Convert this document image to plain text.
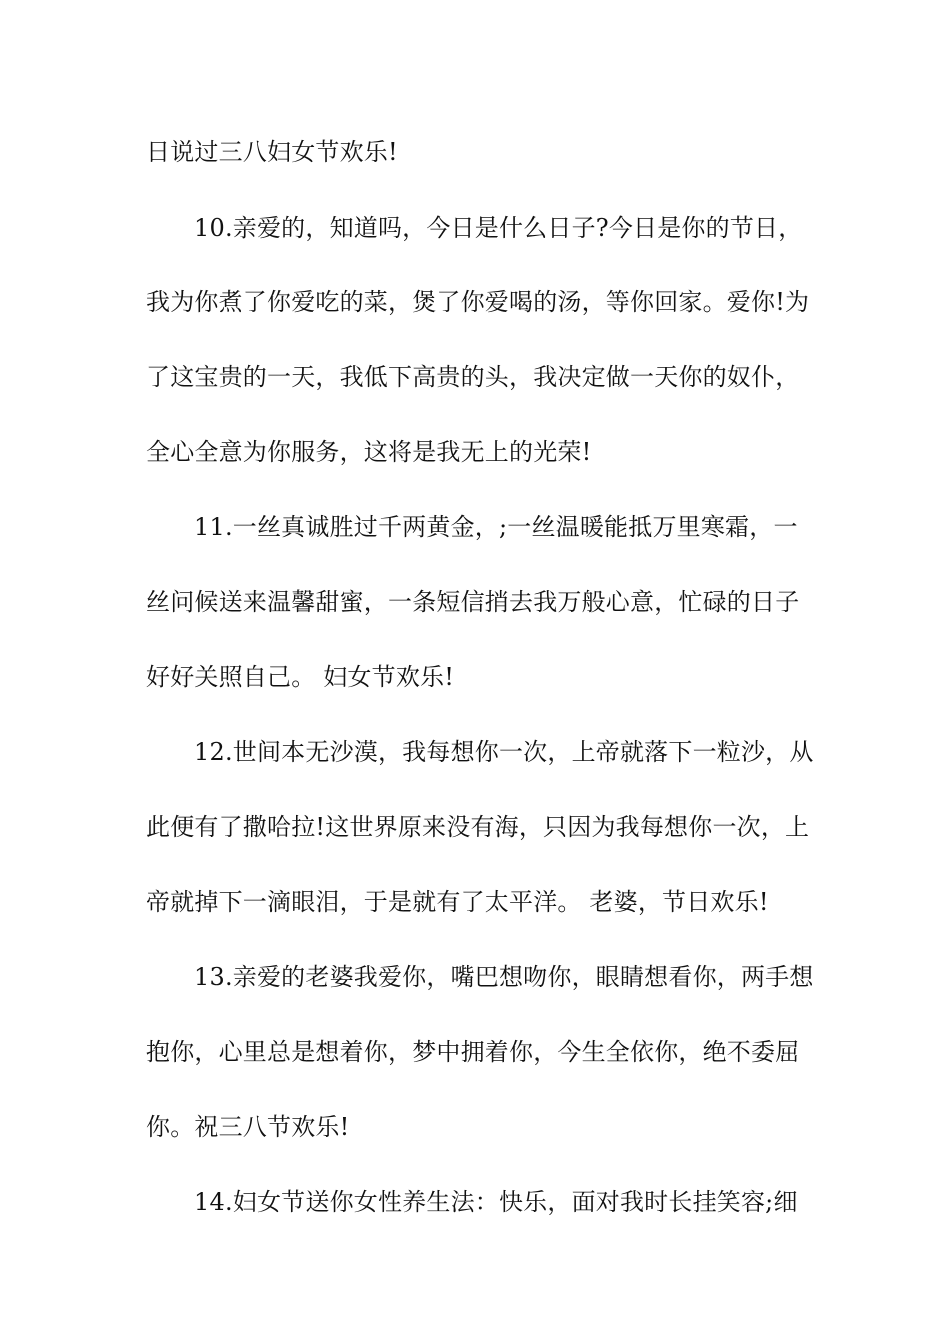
日说过三八妇女节欢乐!
10.亲爱的，知道吗，今日是什么日子?今日是你的节日，
我为你煮了你爱吃的菜，煲了你爱喝的汤，等你回家。爱你!为
了这宝贵的一天，我低下高贵的头，我决定做一天你的奴仆，
全心全意为你服务，这将是我无上的光荣!
11.一丝真诚胜过千两黄金，;一丝温暖能抵万里寒霜，一
丝问候送来温馨甜蜜，一条短信捎去我万般心意，忙碌的日子
好好关照自己。 妇女节欢乐!
12.世间本无沙漠，我每想你一次，上帝就落下一粒沙，从
此便有了撒哈拉!这世界原来没有海，只因为我每想你一次，上
帝就掉下一滴眼泪，于是就有了太平洋。 老婆，节日欢乐!
13.亲爱的老婆我爱你，嘴巴想吻你，眼睛想看你，两手想
抱你，心里总是想着你，梦中拥着你，今生全依你，绝不委屈
你。祝三八节欢乐!
14.妇女节送你女性养生法：快乐，面对我时长挂笑容;细
